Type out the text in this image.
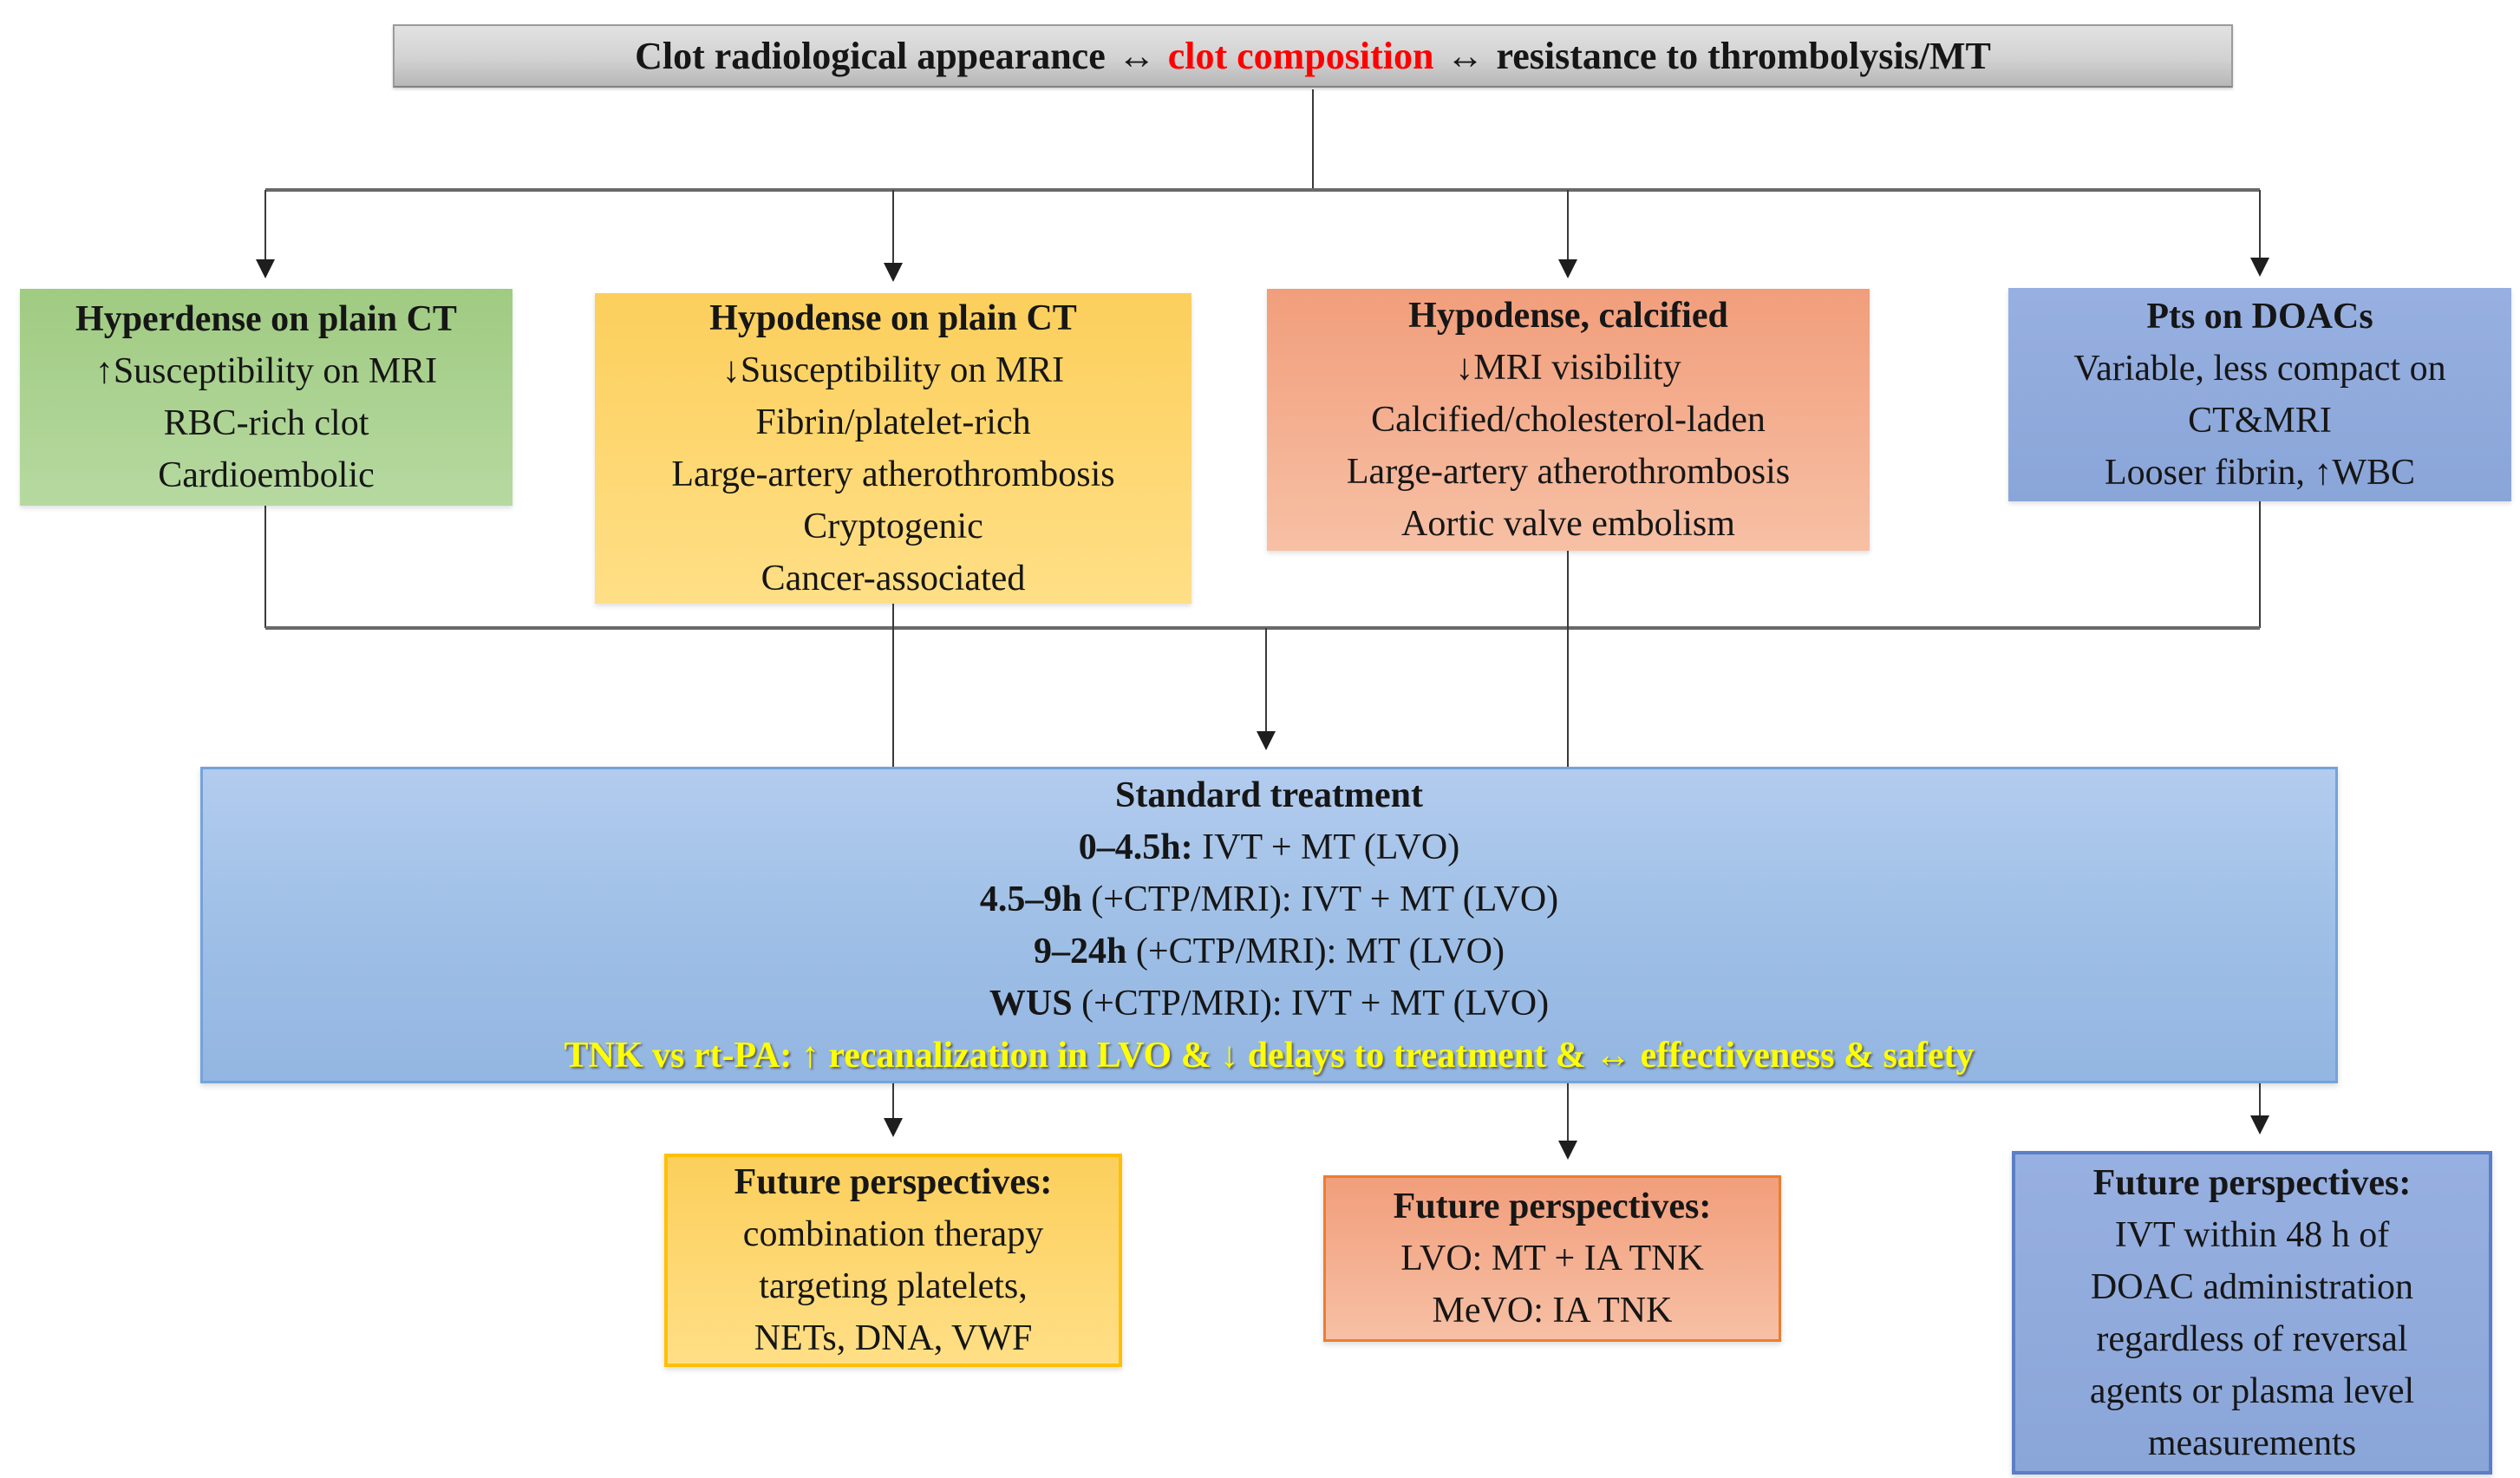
Clot radiological appearance ↔ clot composition ↔ resistance to thrombolysis/MT
Hyperdense on plain CT
↑Susceptibility on MRI
RBC-rich clot
Cardioembolic
Hypodense on plain CT
↓Susceptibility on MRI
Fibrin/platelet-rich
Large-artery atherothrombosis
Cryptogenic
Cancer-associated
Hypodense, calcified
↓MRI visibility
Calcified/cholesterol-laden
Large-artery atherothrombosis
Aortic valve embolism
Pts on DOACs
Variable, less compact on
CT&MRI
Looser fibrin, ↑WBC
Standard treatment
0–4.5h: IVT + MT (LVO)
4.5–9h (+CTP/MRI): IVT + MT (LVO)
9–24h (+CTP/MRI): MT (LVO)
WUS (+CTP/MRI): IVT + MT (LVO)
TNK vs rt-PA: ↑ recanalization in LVO & ↓ delays to treatment & ↔ effectiveness & safety
Future perspectives:
combination therapy
targeting platelets,
NETs, DNA, VWF
Future perspectives:
LVO: MT + IA TNK
MeVO: IA TNK
Future perspectives:
IVT within 48 h of
DOAC administration
regardless of reversal
agents or plasma level
measurements
